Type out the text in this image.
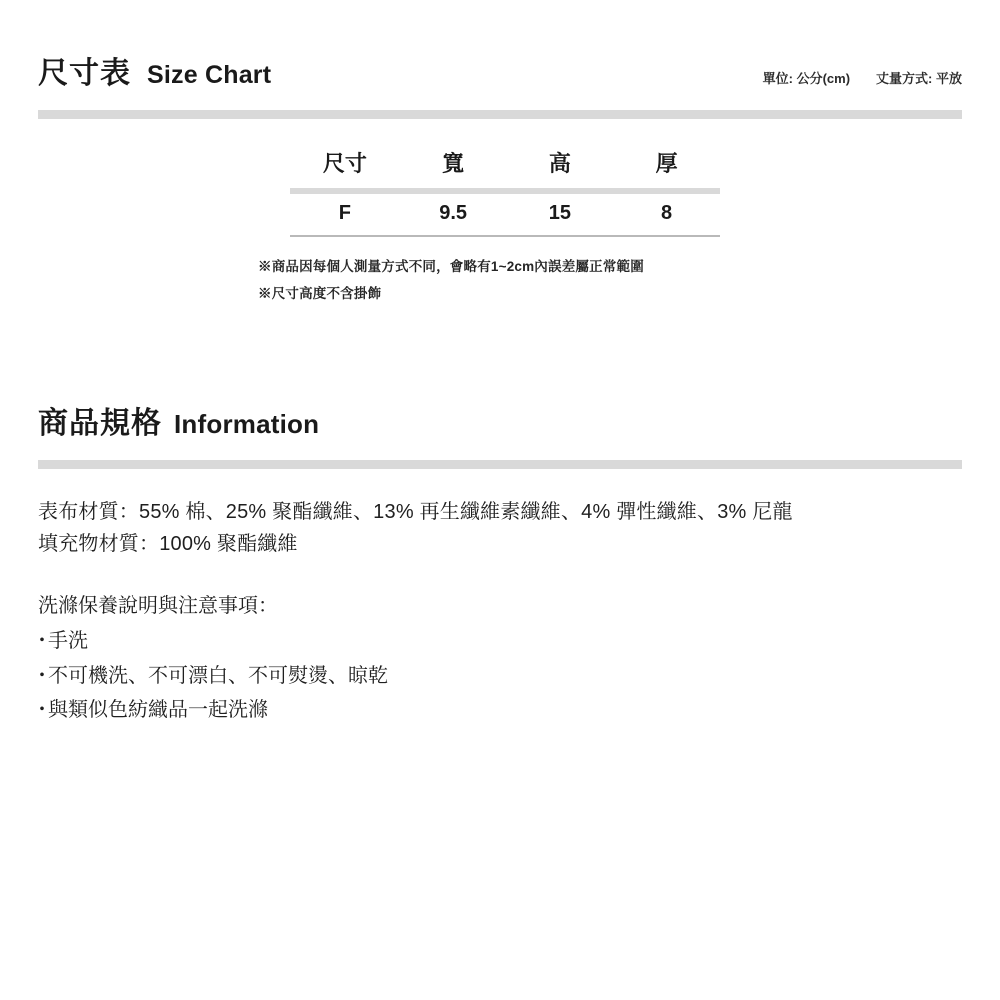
尺寸表 Size Chart	單位: 公分(cm) 丈量方式: 平放
尺寸	寬	高	厚
F	9.5	15	8
※商品因每個人測量方式不同，會略有1~2cm內誤差屬正常範圍
※尺寸高度不含掛飾
商品規格 Information
表布材質：55% 棉、25% 聚酯纖維、13% 再生纖維素纖維、4% 彈性纖維、3% 尼龍
填充物材質：100% 聚酯纖維
洗滌保養說明與注意事項：
・
手洗
・
不可機洗、不可漂白、不可熨燙、晾乾
・
與類似色紡織品一起洗滌
